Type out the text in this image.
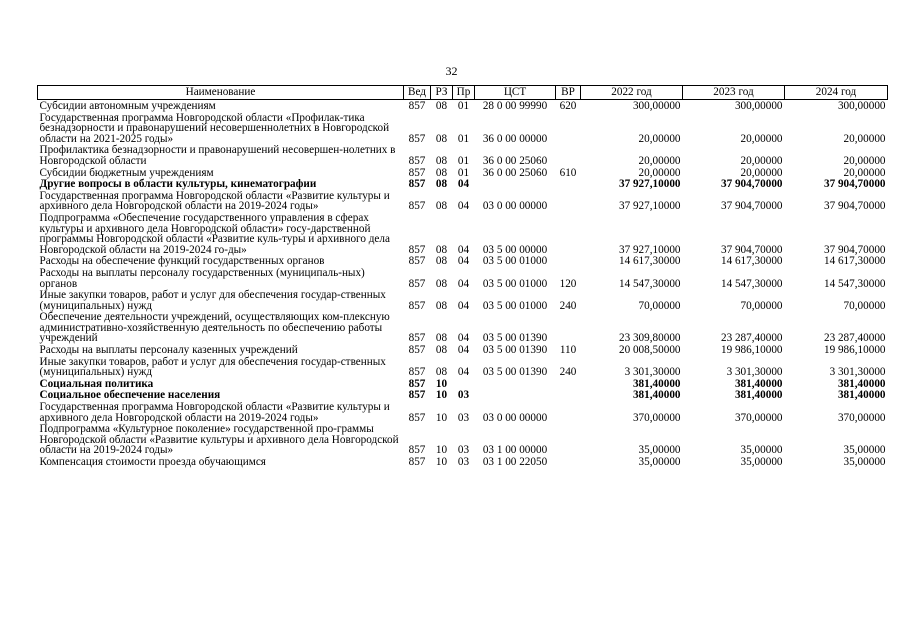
32
Наименование	Вед	РЗ	Пр	ЦСТ	ВР	2022 год	2023 год	2024 год
Субсидии автономным учреждениям	857	08	01	28 0 00 99990	620	300,00000	300,00000	300,00000
Государственная программа Новгородской области «Профилак-тика безнадзорности и правонарушений несовершеннолетних в Новгородской области на 2021-2025 годы»	857	08	01	36 0 00 00000		20,00000	20,00000	20,00000
Профилактика безнадзорности и правонарушений несовершен-нолетних в Новгородской области	857	08	01	36 0 00 25060		20,00000	20,00000	20,00000
Субсидии бюджетным учреждениям	857	08	01	36 0 00 25060	610	20,00000	20,00000	20,00000
Другие вопросы в области культуры, кинематографии	857	08	04			37 927,10000	37 904,70000	37 904,70000
Государственная программа Новгородской области «Развитие культуры и архивного дела Новгородской области на 2019-2024 годы»	857	08	04	03 0 00 00000		37 927,10000	37 904,70000	37 904,70000
Подпрограмма «Обеспечение государственного управления в сферах культуры и архивного дела Новгородской области» госу-дарственной программы Новгородской области «Развитие куль-туры и архивного дела Новгородской области на 2019-2024 го-ды»	857	08	04	03 5 00 00000		37 927,10000	37 904,70000	37 904,70000
Расходы на обеспечение функций государственных органов	857	08	04	03 5 00 01000		14 617,30000	14 617,30000	14 617,30000
Расходы на выплаты персоналу государственных (муниципаль-ных) органов	857	08	04	03 5 00 01000	120	14 547,30000	14 547,30000	14 547,30000
Иные закупки товаров, работ и услуг для обеспечения государ-ственных (муниципальных) нужд	857	08	04	03 5 00 01000	240	70,00000	70,00000	70,00000
Обеспечение деятельности учреждений, осуществляющих ком-плексную административно-хозяйственную деятельность по обеспечению работы учреждений	857	08	04	03 5 00 01390		23 309,80000	23 287,40000	23 287,40000
Расходы на выплаты персоналу казенных учреждений	857	08	04	03 5 00 01390	110	20 008,50000	19 986,10000	19 986,10000
Иные закупки товаров, работ и услуг для обеспечения государ-ственных (муниципальных) нужд	857	08	04	03 5 00 01390	240	3 301,30000	3 301,30000	3 301,30000
Социальная политика	857	10				381,40000	381,40000	381,40000
Социальное обеспечение населения	857	10	03			381,40000	381,40000	381,40000
Государственная программа Новгородской области «Развитие культуры и архивного дела Новгородской области на 2019-2024 годы»	857	10	03	03 0 00 00000		370,00000	370,00000	370,00000
Подпрограмма «Культурное поколение» государственной про-граммы Новгородской области «Развитие культуры и архивного дела Новгородской области на 2019-2024 годы»	857	10	03	03 1 00 00000		35,00000	35,00000	35,00000
Компенсация стоимости проезда обучающимся	857	10	03	03 1 00 22050		35,00000	35,00000	35,00000
